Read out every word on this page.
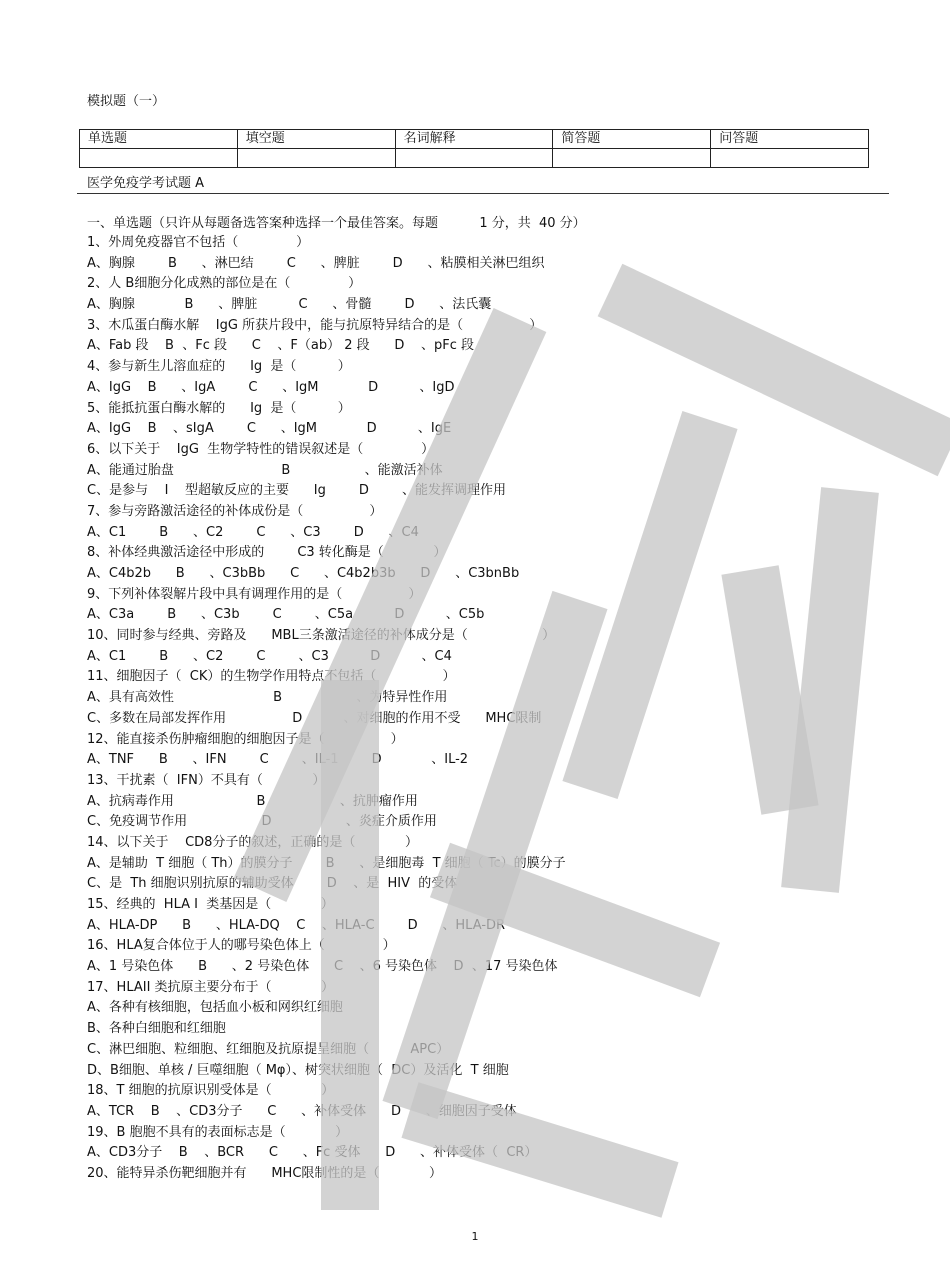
模拟题（一）
单选题	填空题	名词解释	简答题	问答题

医学免疫学考试题 A
一、单选题（只许从每题备选答案种选择一个最佳答案。每题          1 分，共  40 分）
1、外周免疫器官不包括（              ）
A、胸腺        B      、淋巴结        C      、脾脏        D      、粘膜相关淋巴组织
2、人 B细胞分化成熟的部位是在（              ）
A、胸腺            B      、脾脏          C      、骨髓        D      、法氏囊
3、木瓜蛋白酶水解    IgG 所获片段中，能与抗原特异结合的是（                ）
A、Fab 段    B  、Fc 段      C    、F（ab） 2 段      D    、pFc 段
4、参与新生儿溶血症的      Ig  是（          ）
A、IgG    B      、IgA        C      、IgM            D          、IgD
5、能抵抗蛋白酶水解的      Ig  是（          ）
A、IgG    B    、sIgA        C      、IgM            D          、IgE
6、以下关于    IgG  生物学特性的错误叙述是（              ）
A、能通过胎盘                          B                  、能激活补体
C、是参与    I    型超敏反应的主要      Ig        D        、能发挥调理作用
7、参与旁路激活途径的补体成份是（                ）
A、C1        B      、C2        C      、C3        D      、C4
8、补体经典激活途径中形成的        C3 转化酶是（            ）
A、C4b2b      B      、C3bBb      C      、C4b2b3b      D      、C3bnBb
9、下列补体裂解片段中具有调理作用的是（                ）
A、C3a        B      、C3b        C        、C5a          D          、C5b
10、同时参与经典、旁路及      MBL三条激活途径的补体成分是（                  ）
A、C1        B      、C2        C        、C3          D          、C4
11、细胞因子（  CK）的生物学作用特点不包括（                ）
A、具有高效性                        B                  、为特异性作用
C、多数在局部发挥作用                D          、对细胞的作用不受      MHC限制
12、能直接杀伤肿瘤细胞的细胞因子是（                ）
A、TNF      B      、IFN        C        、IL-1        D            、IL-2
13、干扰素（  IFN）不具有（            ）
A、抗病毒作用                    B                  、抗肿瘤作用
C、免疫调节作用                  D                  、炎症介质作用
14、以下关于    CD8分子的叙述，正确的是（            ）
A、是辅助  T 细胞（ Th）的膜分子        B      、是细胞毒  T 细胞（ Tc）的膜分子
C、是  Th 细胞识别抗原的辅助受体        D    、是  HIV  的受体
15、经典的  HLA I  类基因是（            ）
A、HLA-DP      B      、HLA-DQ    C    、HLA-C        D      、HLA-DR
16、HLA复合体位于人的哪号染色体上（              ）
A、1 号染色体      B      、2 号染色体      C    、6 号染色体    D  、17 号染色体
17、HLAII 类抗原主要分布于（            ）
A、各种有核细胞，包括血小板和网织红细胞
B、各种白细胞和红细胞
C、淋巴细胞、粒细胞、红细胞及抗原提呈细胞（          APC）
D、B细胞、单核 / 巨噬细胞（ Mφ）、树突状细胞（  DC）及活化  T 细胞
18、T 细胞的抗原识别受体是（            ）
A、TCR    B    、CD3分子      C      、补体受体      D      、细胞因子受体
19、B 胞胞不具有的表面标志是（            ）
A、CD3分子    B    、BCR      C      、Fc 受体      D      、补体受体（  CR）
20、能特异杀伤靶细胞并有      MHC限制性的是（            ）
1
